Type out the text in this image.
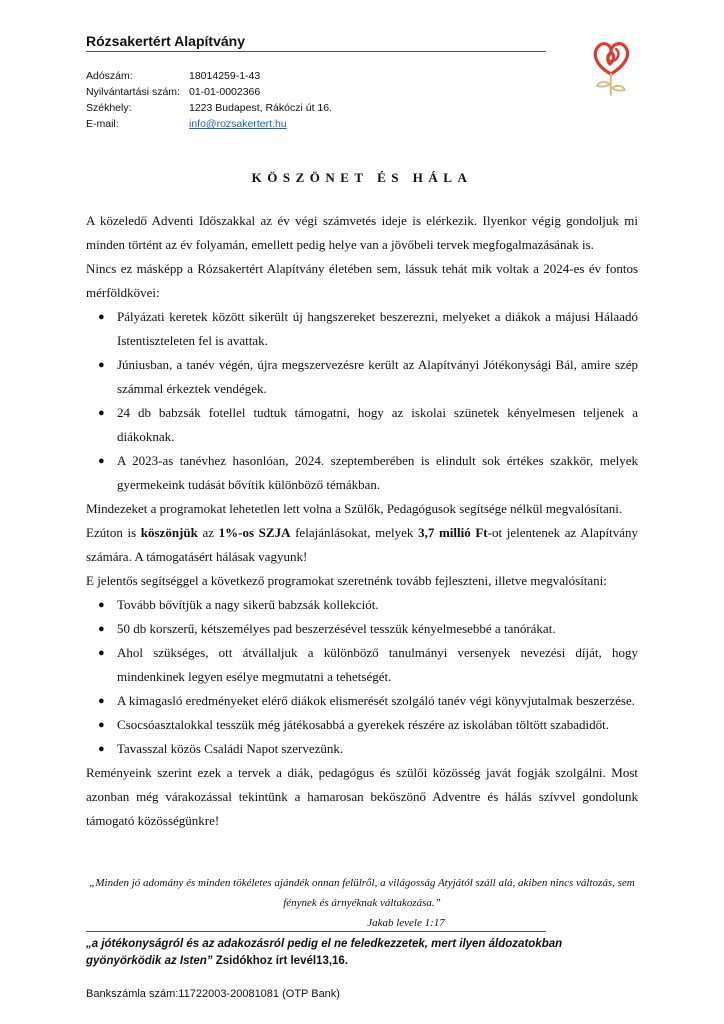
Rózsakertért Alapítvány
Adószám:	18014259-1-43
Nyilvántartási szám: 01-01-0002366
Székhely:	1223 Budapest, Rákóczi út 16.
E-mail:	info@rozsakertert.hu
KÖSZÖNET ÉS HÁLA

A közeledő Adventi Időszakkal az év végi számvetés ideje is elérkezik. Ilyenkor végig gondoljuk mi minden történt az év folyamán, emellett pedig helye van a jövőbeli tervek megfogalmazásának is.

Nincs ez másképp a Rózsakertért Alapítvány életében sem, lássuk tehát mik voltak a 2024-es év fontos mérföldkövei:

● Pályázati keretek között sikerült új hangszereket beszerezni, melyeket a diákok a májusi Hálaadó Istentiszteleten fel is avattak.
● Júniusban, a tanév végén, újra megszervezésre került az Alapítványi Jótékonysági Bál, amire szép számmal érkeztek vendégek.
● 24 db babzsák fotellel tudtuk támogatni, hogy az iskolai szünetek kényelmesen teljenek a diákoknak.
● A 2023-as tanévhez hasonlóan, 2024. szeptemberében is elindult sok értékes szakkör, melyek gyermekeink tudását bővítik különböző témákban.

Mindezeket a programokat lehetetlen lett volna a Szülők, Pedagógusok segítsége nélkül megvalósítani.

Ezúton is köszönjük az 1%-os SZJA felajánlásokat, melyek 3,7 millió Ft-ot jelentenek az Alapítvány számára. A támogatásért hálásak vagyunk!

E jelentős segítséggel a következő programokat szeretnénk tovább fejleszteni, illetve megvalósítani:

● Tovább bővítjük a nagy sikerű babzsák kollekciót.
● 50 db korszerű, kétszemélyes pad beszerzésével tesszük kényelmesebbé a tanórákat.
● Ahol szükséges, ott átvállaljuk a különböző tanulmányi versenyek nevezési díját, hogy mindenkinek legyen esélye megmutatni a tehetségét.
● A kimagasló eredményeket elérő diákok elismerését szolgáló tanév végi könyvjutalmak beszerzése.
● Csocsóasztalokkal tesszük még játékosabbá a gyerekek részére az iskolában töltött szabadidőt.
● Tavasszal közös Családi Napot szervezünk.

Reményeink szerint ezek a tervek a diák, pedagógus és szülői közösség javát fogják szolgálni. Most azonban még várakozással tekintünk a hamarosan beköszönő Adventre és hálás szívvel gondolunk támogató közösségünkre!

„Minden jó adomány és minden tökéletes ajándék onnan felülről, a világosság Atyjától száll alá, akiben nincs változás, sem fénynek és árnyéknak váltakozása.”
Jakab levele 1:17
„a jótékonyságról és az adakozásról pedig el ne feledkezzetek, mert ilyen áldozatokban gyönyörködik az Isten” Zsidókhoz írt levél13,16.
Bankszámla szám:11722003-20081081 (OTP Bank)
